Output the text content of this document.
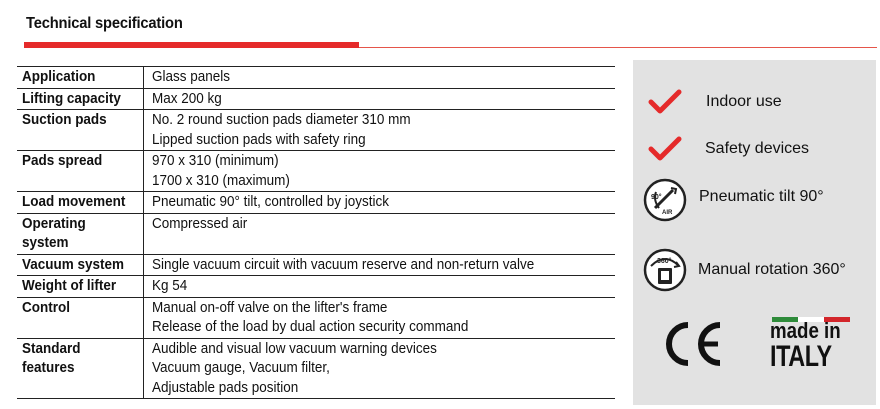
Technical specification
Application	Glass panels

Lifting capacity	Max 200 kg

Suction pads	No. 2 round suction pads diameter 310 mm
Lipped suction pads with safety ring

Pads spread	970 x 310 (minimum)
1700 x 310 (maximum)

Load movement	Pneumatic 90° tilt, controlled by joystick

Operating
system	Compressed air

Vacuum system	Single vacuum circuit with vacuum reserve and non-return valve

Weight of lifter	Kg 54

Control	Manual on-off valve on the lifter's frame
Release of the load by dual action security command

Standard
features	Audible and visual low vacuum warning devices
Vacuum gauge, Vacuum filter,
Adjustable pads position
Indoor use
Safety devices
90°
AIR
Pneumatic tilt 90°
360° Manual rotation 360°
made in
ITALY
